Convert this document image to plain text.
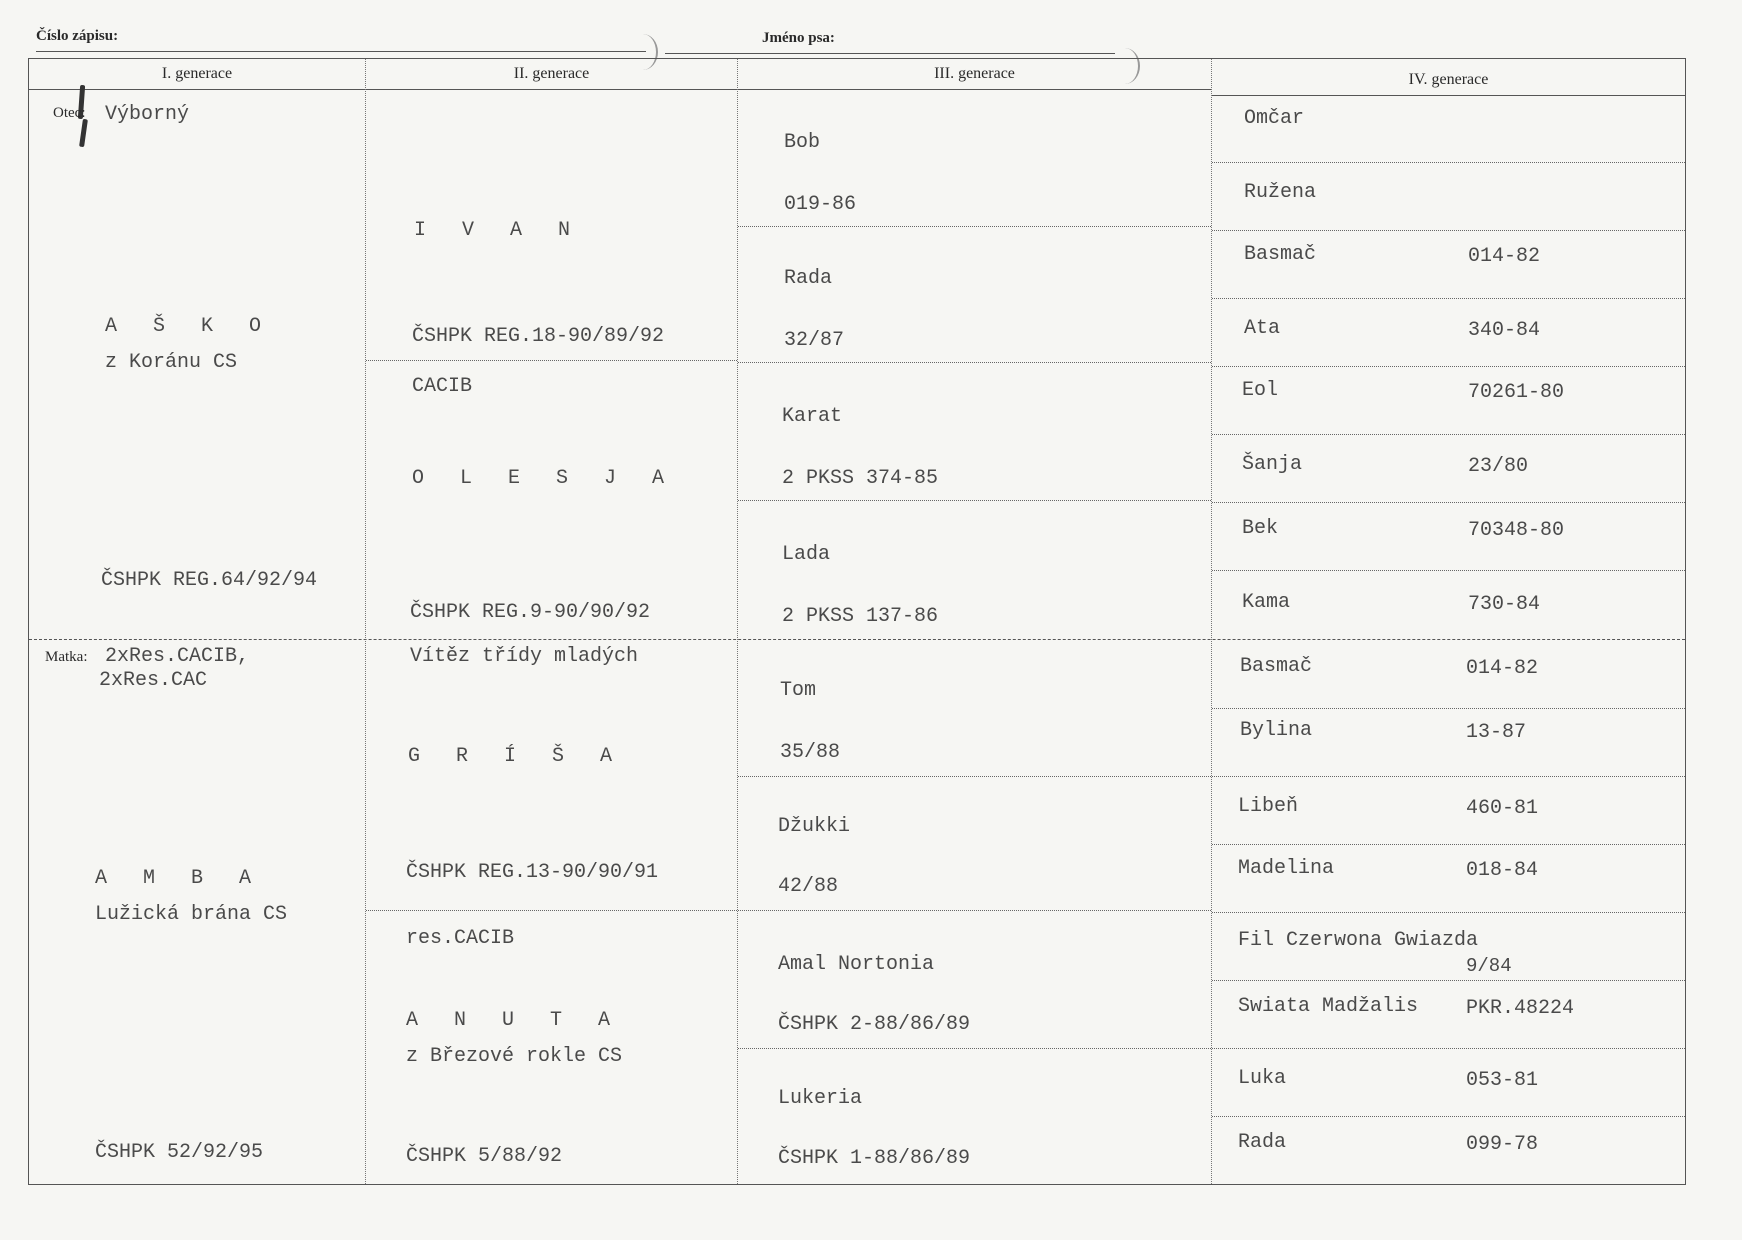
Číslo zápisu:	Jméno psa:
I. generace
Otec: Výborný
A Š K O
z Koránu CS
ČSHPK REG.64/92/94
Matka: 2xRes.CACIB,
2xRes.CAC
A M B A
Lužická brána CS
ČSHPK 52/92/95
II. generace
I V A N
ČSHPK REG.18-90/89/92
CACIB
O L E S J A
ČSHPK REG.9-90/90/92
Vítěz třídy mladých
G R Í Š A
ČSHPK REG.13-90/90/91
res.CACIB
A N U T A
z Březové rokle CS
ČSHPK 5/88/92
III. generace
Bob
019-86
Rada
32/87
Karat
2 PKSS 374-85
Lada
2 PKSS 137-86
Tom
35/88
Džukki
42/88
Amal Nortonia
ČSHPK 2-88/86/89
Lukeria
ČSHPK 1-88/86/89
IV. generace
Omčar
Ružena
Basmač	014-82
Ata	340-84
Eol	70261-80
Šanja	23/80
Bek	70348-80
Kama	730-84
Basmač	014-82
Bylina	13-87
Libeň	460-81
Madelina	018-84
Fil Czerwona Gwiazda
9/84
Swiata Madžalis PKR.48224
Luka	053-81
Rada	099-78
